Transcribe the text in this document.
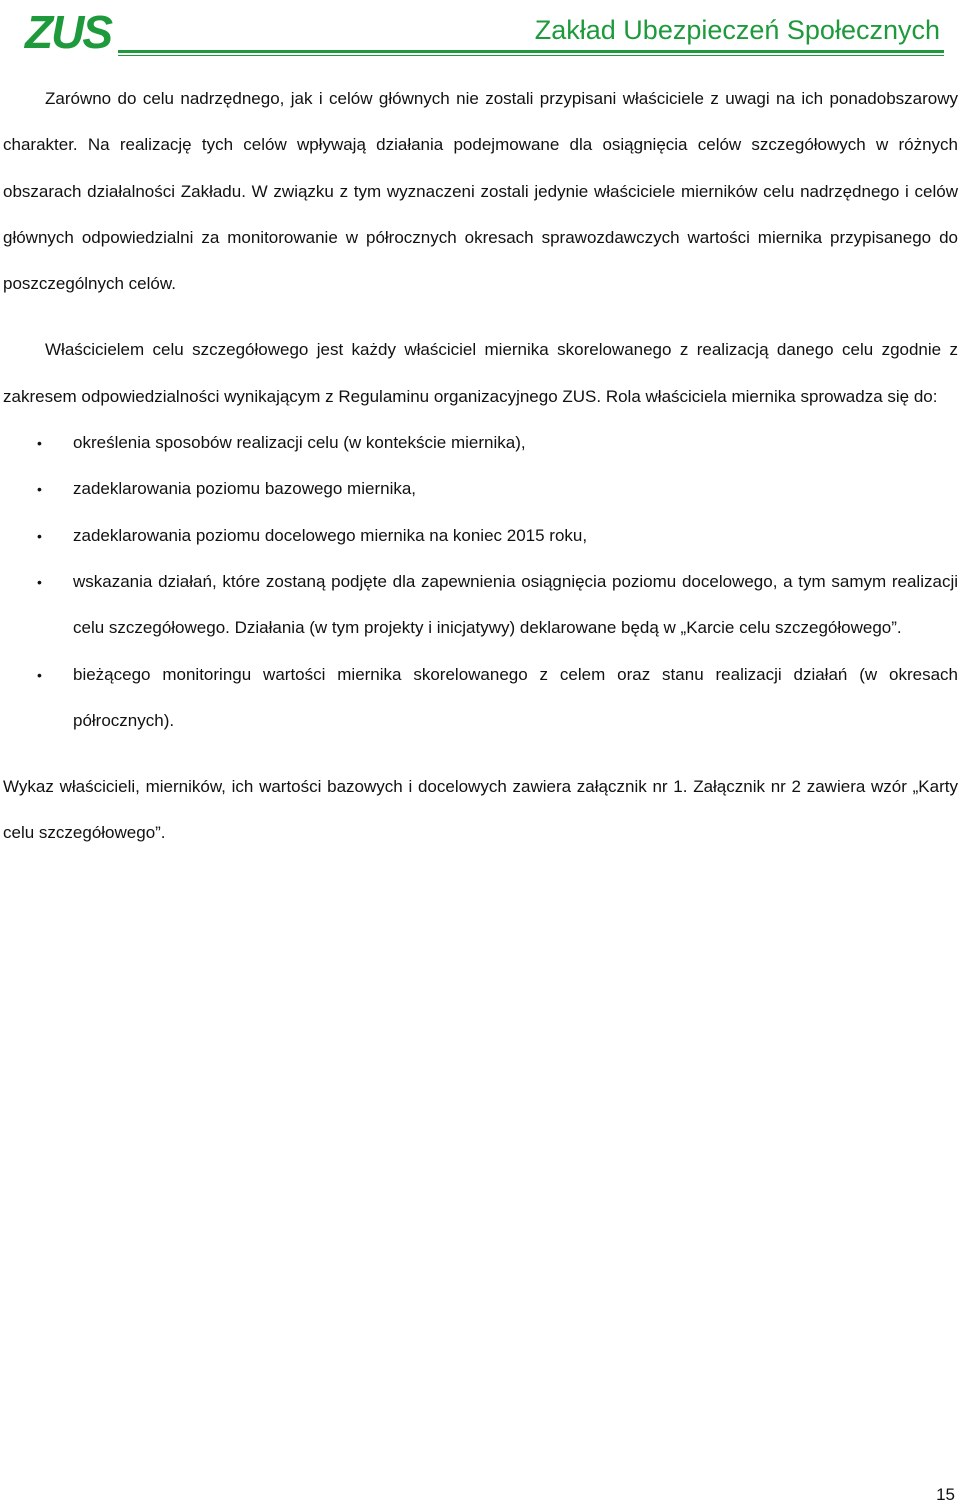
ZUS	Zakład Ubezpieczeń Społecznych

Zarówno do celu nadrzędnego, jak i celów głównych nie zostali przypisani właściciele z uwagi na ich ponadobszarowy charakter. Na realizację tych celów wpływają działania podejmowane dla osiągnięcia celów szczegółowych w różnych obszarach działalności Zakładu. W związku z tym wyznaczeni zostali jedynie właściciele mierników celu nadrzędnego i celów głównych odpowiedzialni za monitorowanie w półrocznych okresach sprawozdawczych wartości miernika przypisanego do poszczególnych celów.

Właścicielem celu szczegółowego jest każdy właściciel miernika skorelowanego z realizacją danego celu zgodnie z zakresem odpowiedzialności wynikającym z Regulaminu organizacyjnego ZUS. Rola właściciela miernika sprowadza się do:

• określenia sposobów realizacji celu (w kontekście miernika),
• zadeklarowania poziomu bazowego miernika,
• zadeklarowania poziomu docelowego miernika na koniec 2015 roku,
• wskazania działań, które zostaną podjęte dla zapewnienia osiągnięcia poziomu docelowego, a tym samym realizacji celu szczegółowego. Działania (w tym projekty i inicjatywy) deklarowane będą w „Karcie celu szczegółowego”.
• bieżącego monitoringu wartości miernika skorelowanego z celem oraz stanu realizacji działań (w okresach półrocznych).

Wykaz właścicieli, mierników, ich wartości bazowych i docelowych zawiera załącznik nr 1. Załącznik nr 2 zawiera wzór „Karty celu szczegółowego”.

15
